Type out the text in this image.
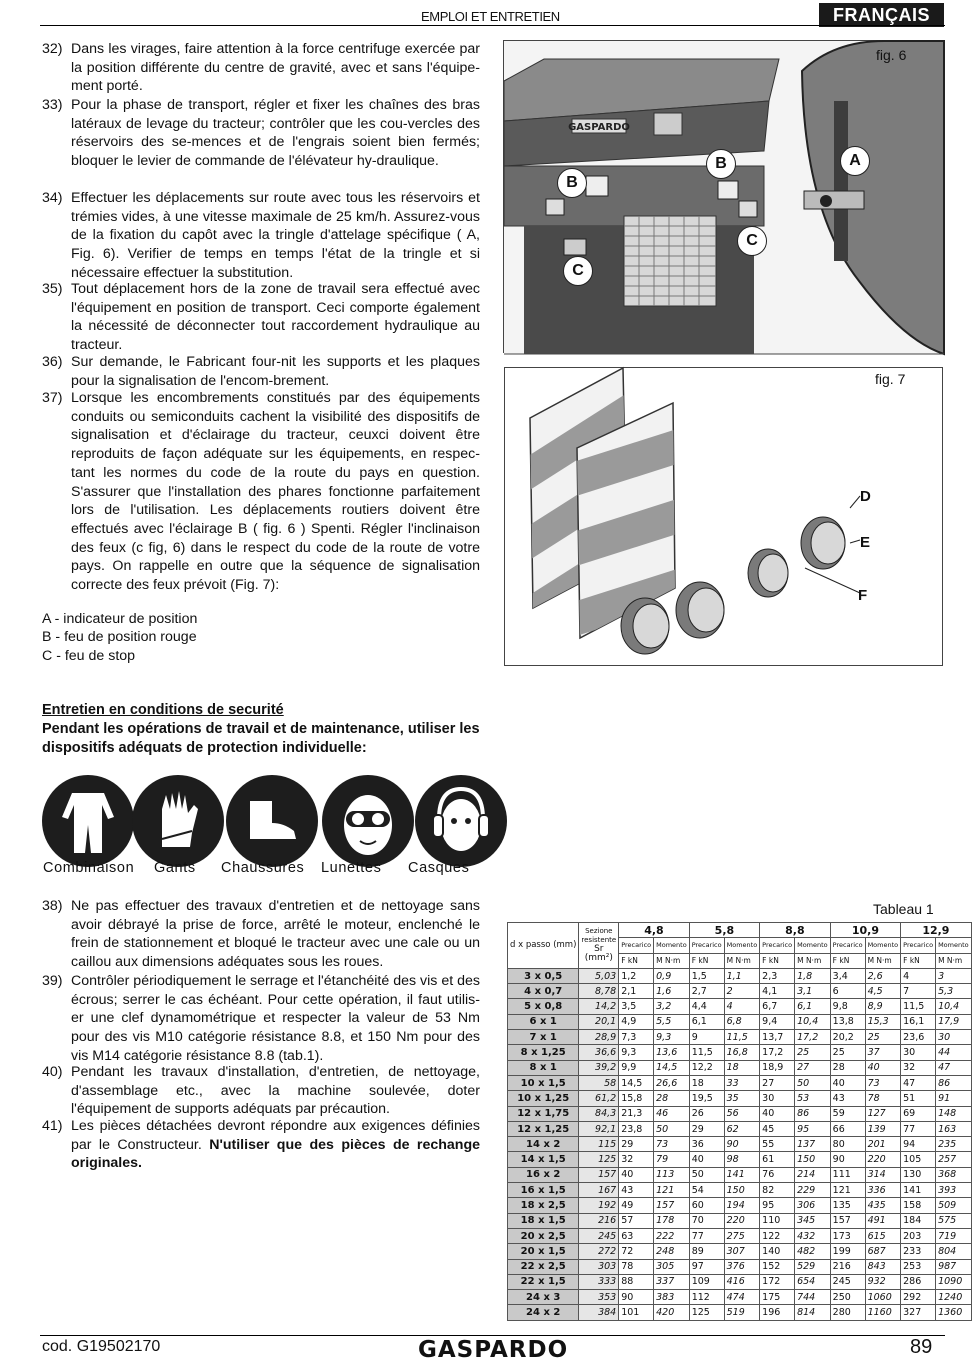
EMPLOI ET ENTRETIEN	FRANÇAIS
32) Dans les virages, faire attention à la force centrifuge exercée par la position différente du centre de gravité, avec et sans l'équipe-ment porté.
33) Pour la phase de transport, régler et fixer les chaînes des bras latéraux de levage du tracteur; contrôler que les cou-vercles des réservoirs des se-mences et de l'engrais soient bien fermés; bloquer le levier de commande de l'élévateur hy-draulique.
34) Effectuer les déplacements sur route avec tous les réservoirs et trémies vides, à une vitesse maximale de 25 km/h. Assurez-vous de la fixation du capôt avec la tringle d'attelage spécifique ( A, Fig. 6). Verifier de temps en temps l'état de la tringle et si nécessaire effectuer la substitution.
35) Tout déplacement hors de la zone de travail sera effectué avec l'équipement en position de transport. Ceci comporte également la nécessité de déconnecter tout raccordement hydraulique au tracteur.
36) Sur demande, le Fabricant four-nit les supports et les plaques pour la signalisation de l'encom-brement.
37) Lorsque les encombrements constitués par des équipements conduits ou semiconduits cachent la visibilité des dispositifs de signalisation et d'éclairage du tracteur, ceuxci doivent être reproduits de façon adéquate sur les équipements, en respec-tant les normes du code de la route du pays en question. S'assurer que l'installation des phares fonctionne parfaitement lors de l'utilisation. Les déplacements routiers doivent être effectués avec l'éclairage B ( fig. 6 ) Spenti. Régler l'inclinaison des feux (c fig, 6) dans le respect du code de la route de votre pays. On rappelle en outre que la séquence de signalisation correcte des feux prévoit (Fig. 7):
A - indicateur de position
B - feu de position rouge
C - feu de stop
GASPARDO
fig. 6
A
B
B
C
C
fig. 7
D
E
F
Entretien en conditions de securité
Pendant les opérations de travail et de maintenance, utiliser les dispositifs adéquats de protection individuelle:
Combinaison Gants Chaussures Lunettes Casques
38) Ne pas effectuer des travaux d'entretien et de nettoyage sans avoir débrayé la prise de force, arrêté le moteur, enclenché le frein de stationnement et bloqué le tracteur avec une cale ou un caillou aux dimensions adéquates sous les roues.
39) Contrôler périodiquement le serrage et l'étanchéité des vis et des écrous; serrer le cas échéant. Pour cette opération, il faut utilis-er une clef dynamométrique et respecter la valeur de 53 Nm pour des vis M10 catégorie résistance 8.8, et 150 Nm pour des vis M14 catégorie résistance 8.8 (tab.1).
40) Pendant les travaux d'installation, d'entretien, de nettoyage, d'assemblage etc., avec la machine soulevée, doter l'équipement de supports adéquats par précaution.
41) Les pièces détachées devront répondre aux exigences définies par le Constructeur. N'utiliser que des pièces de rechange originales.
Tableau 1
d x passo (mm)	Sezione
resistente
Sr
(mm²)	4,8		5,8		8,8		10,9		12,9	
		Precarico	Momento	Precarico	Momento	Precarico	Momento	Precarico	Momento	Precarico	Momento
		F kN	M N·m	F kN	M N·m	F kN	M N·m	F kN	M N·m	F kN	M N·m
3 x 0,5	5,03	1,2	0,9	1,5	1,1	2,3	1,8	3,4	2,6	4	3
4 x 0,7	8,78	2,1	1,6	2,7	2	4,1	3,1	6	4,5	7	5,3
5 x 0,8	14,2	3,5	3,2	4,4	4	6,7	6,1	9,8	8,9	11,5	10,4
6 x 1	20,1	4,9	5,5	6,1	6,8	9,4	10,4	13,8	15,3	16,1	17,9
7 x 1	28,9	7,3	9,3	9	11,5	13,7	17,2	20,2	25	23,6	30
8 x 1,25	36,6	9,3	13,6	11,5	16,8	17,2	25	25	37	30	44
8 x 1	39,2	9,9	14,5	12,2	18	18,9	27	28	40	32	47
10 x 1,5	58	14,5	26,6	18	33	27	50	40	73	47	86
10 x 1,25	61,2	15,8	28	19,5	35	30	53	43	78	51	91
12 x 1,75	84,3	21,3	46	26	56	40	86	59	127	69	148
12 x 1,25	92,1	23,8	50	29	62	45	95	66	139	77	163
14 x 2	115	29	73	36	90	55	137	80	201	94	235
14 x 1,5	125	32	79	40	98	61	150	90	220	105	257
16 x 2	157	40	113	50	141	76	214	111	314	130	368
16 x 1,5	167	43	121	54	150	82	229	121	336	141	393
18 x 2,5	192	49	157	60	194	95	306	135	435	158	509
18 x 1,5	216	57	178	70	220	110	345	157	491	184	575
20 x 2,5	245	63	222	77	275	122	432	173	615	203	719
20 x 1,5	272	72	248	89	307	140	482	199	687	233	804
22 x 2,5	303	78	305	97	376	152	529	216	843	253	987
22 x 1,5	333	88	337	109	416	172	654	245	932	286	1090
24 x 3	353	90	383	112	474	175	744	250	1060	292	1240
24 x 2	384	101	420	125	519	196	814	280	1160	327	1360
cod. G19502170	GASPARDO	89
